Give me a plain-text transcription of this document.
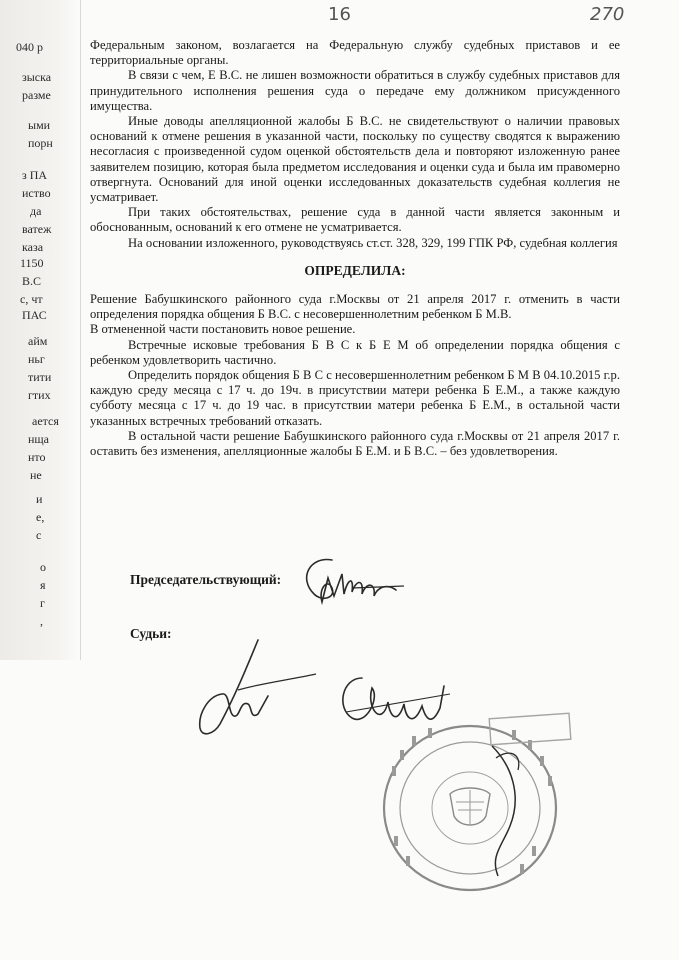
040 р
зыска
разме
ыми
порн
з ПА
иство
да
ватеж
каза
1150
В.С
с, чт
ПАС
айм
ньг
тити
гтих
ается
нща
нто
не
и
е,
с
о
я
г
,
16	270

Федеральным законом, возлагается на Федеральную службу судебных приставов и ее территориальные органы.

В связи с чем, Е В.С. не лишен возможности обратиться в службу судебных приставов для принудительного исполнения решения суда о передаче ему должником присужденного имущества.

Иные доводы апелляционной жалобы Б В.С. не свидетельствуют о наличии правовых оснований к отмене решения в указанной части, поскольку по существу сводятся к выражению несогласия с произведенной судом оценкой обстоятельств дела и повторяют изложенную ранее заявителем позицию, которая была предметом исследования и оценки суда и была им правомерно отвергнута. Оснований для иной оценки исследованных доказательств судебная коллегия не усматривает.

При таких обстоятельствах, решение суда в данной части является законным и обоснованным, оснований к его отмене не усматривается.

На основании изложенного, руководствуясь ст.ст. 328, 329, 199 ГПК РФ, судебная коллегия

ОПРЕДЕЛИЛА:

Решение Бабушкинского районного суда г.Москвы от 21 апреля 2017 г. отменить в части определения порядка общения Б В.С. с несовершеннолетним ребенком Б М.В.

В отмененной части постановить новое решение.

Встречные исковые требования Б В С к Б Е М об определении порядка общения с ребенком удовлетворить частично.

Определить порядок общения Б В С с несовершеннолетним ребенком Б М В 04.10.2015 г.р. каждую среду месяца с 17 ч. до 19ч. в присутствии матери ребенка Б Е.М., а также каждую субботу месяца с 17 ч. до 19 час. в присутствии матери ребенка Б Е.М., в остальной части указанных встречных требований отказать.

В остальной части решение Бабушкинского районного суда г.Москвы от 21 апреля 2017 г. оставить без изменения, апелляционные жалобы Б Е.М. и Б В.С. – без удовлетворения.

Председательствующий:
Судьи:
